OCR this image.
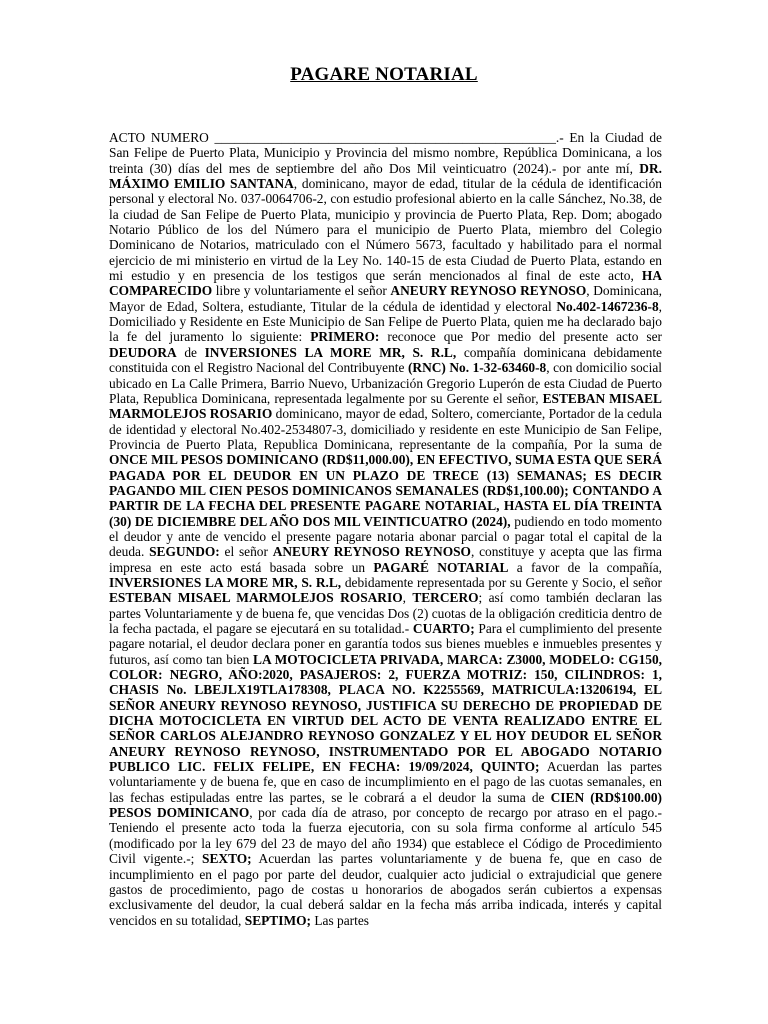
PAGARE NOTARIAL
ACTO NUMERO ___________________________________________________.- En la Ciudad de San Felipe de Puerto Plata, Municipio y Provincia del mismo nombre, República Dominicana, a los treinta (30) días del mes de septiembre del año Dos Mil veinticuatro (2024).- por ante mí, DR. MÁXIMO EMILIO SANTANA, dominicano, mayor de edad, titular de la cédula de identificación personal y electoral No. 037-0064706-2, con estudio profesional abierto en la calle Sánchez, No.38, de la ciudad de San Felipe de Puerto Plata, municipio y provincia de Puerto Plata, Rep. Dom; abogado Notario Público de los del Número para el municipio de Puerto Plata, miembro del Colegio Dominicano de Notarios, matriculado con el Número 5673, facultado y habilitado para el normal ejercicio de mi ministerio en virtud de la Ley No. 140-15 de esta Ciudad de Puerto Plata, estando en mi estudio y en presencia de los testigos que serán mencionados al final de este acto, HA COMPARECIDO libre y voluntariamente el señor ANEURY REYNOSO REYNOSO, Dominicana, Mayor de Edad, Soltera, estudiante, Titular de la cédula de identidad y electoral No.402-1467236-8, Domiciliado y Residente en Este Municipio de San Felipe de Puerto Plata, quien me ha declarado bajo la fe del juramento lo siguiente: PRIMERO: reconoce que Por medio del presente acto ser DEUDORA de INVERSIONES LA MORE MR, S. R.L, compañía dominicana debidamente constituida con el Registro Nacional del Contribuyente (RNC) No. 1-32-63460-8, con domicilio social ubicado en La Calle Primera, Barrio Nuevo, Urbanización Gregorio Luperón de esta Ciudad de Puerto Plata, Republica Dominicana, representada legalmente por su Gerente el señor, ESTEBAN MISAEL MARMOLEJOS ROSARIO dominicano, mayor de edad, Soltero, comerciante, Portador de la cedula de identidad y electoral No.402-2534807-3, domiciliado y residente en este Municipio de San Felipe, Provincia de Puerto Plata, Republica Dominicana, representante de la compañía, Por la suma de ONCE MIL PESOS DOMINICANO (RD$11,000.00), EN EFECTIVO, SUMA ESTA QUE SERÁ PAGADA POR EL DEUDOR EN UN PLAZO DE TRECE (13) SEMANAS; ES DECIR PAGANDO MIL CIEN PESOS DOMINICANOS SEMANALES (RD$1,100.00); CONTANDO A PARTIR DE LA FECHA DEL PRESENTE PAGARE NOTARIAL, HASTA EL DÍA TREINTA (30) DE DICIEMBRE DEL AÑO DOS MIL VEINTICUATRO (2024), pudiendo en todo momento el deudor y ante de vencido el presente pagare notaria abonar parcial o pagar total el capital de la deuda. SEGUNDO: el señor ANEURY REYNOSO REYNOSO, constituye y acepta que las firma impresa en este acto está basada sobre un PAGARÉ NOTARIAL a favor de la compañía, INVERSIONES LA MORE MR, S. R.L, debidamente representada por su Gerente y Socio, el señor ESTEBAN MISAEL MARMOLEJOS ROSARIO, TERCERO; así como también declaran las partes Voluntariamente y de buena fe, que vencidas Dos (2) cuotas de la obligación crediticia dentro de la fecha pactada, el pagare se ejecutará en su totalidad.- CUARTO; Para el cumplimiento del presente pagare notarial, el deudor declara poner en garantía todos sus bienes muebles e inmuebles presentes y futuros, así como tan bien LA MOTOCICLETA PRIVADA, MARCA: Z3000, MODELO: CG150, COLOR: NEGRO, AÑO:2020, PASAJEROS: 2, FUERZA MOTRIZ: 150, CILINDROS: 1, CHASIS No. LBEJLX19TLA178308, PLACA NO. K2255569, MATRICULA:13206194, EL SEÑOR ANEURY REYNOSO REYNOSO, JUSTIFICA SU DERECHO DE PROPIEDAD DE DICHA MOTOCICLETA EN VIRTUD DEL ACTO DE VENTA REALIZADO ENTRE EL SEÑOR CARLOS ALEJANDRO REYNOSO GONZALEZ Y EL HOY DEUDOR EL SEÑOR ANEURY REYNOSO REYNOSO, INSTRUMENTADO POR EL ABOGADO NOTARIO PUBLICO LIC. FELIX FELIPE, EN FECHA: 19/09/2024, QUINTO; Acuerdan las partes voluntariamente y de buena fe, que en caso de incumplimiento en el pago de las cuotas semanales, en las fechas estipuladas entre las partes, se le cobrará a el deudor la suma de CIEN (RD$100.00) PESOS DOMINICANO, por cada día de atraso, por concepto de recargo por atraso en el pago.- Teniendo el presente acto toda la fuerza ejecutoria, con su sola firma conforme al artículo 545 (modificado por la ley 679 del 23 de mayo del año 1934) que establece el Código de Procedimiento Civil vigente.-; SEXTO; Acuerdan las partes voluntariamente y de buena fe, que en caso de incumplimiento en el pago por parte del deudor, cualquier acto judicial o extrajudicial que genere gastos de procedimiento, pago de costas u honorarios de abogados serán cubiertos a expensas exclusivamente del deudor, la cual deberá saldar en la fecha más arriba indicada, interés y capital vencidos en su totalidad, SEPTIMO; Las partes
